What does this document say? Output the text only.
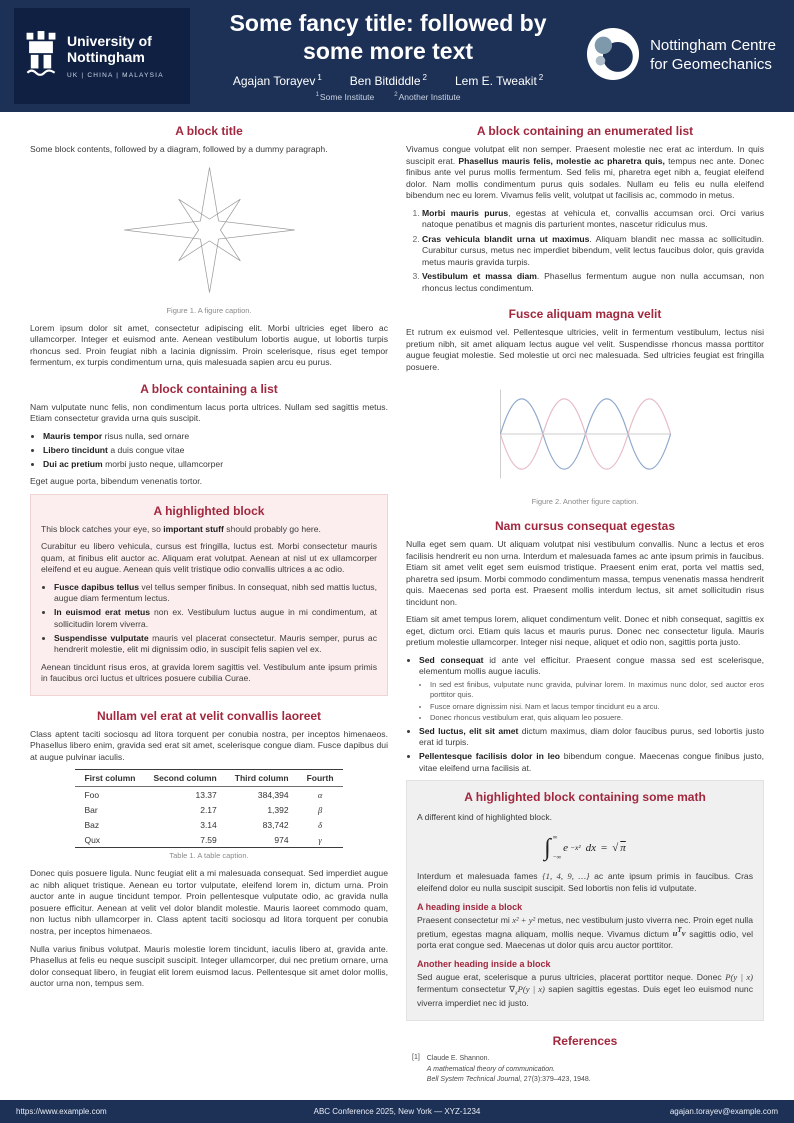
University of
Nottingham
UK | CHINA | MALAYSIA
Some fancy title: followed by
some more text
Agajan Torayev $^1$ Ben Bitdiddle $^2$ Lem E. Tweakit $^2$
$^1$Some Institute	$^2$Another Institute
Nottingham Centre
for Geomechanics
A block title

Some block contents, followed by a diagram, followed by a dummy paragraph.

Figure 1. A figure caption.

Lorem ipsum dolor sit amet, consectetur adipiscing elit. Morbi ultricies eget libero ac ullamcorper. Integer et euismod ante. Aenean vestibulum lobortis augue, ut lobortis turpis rhoncus sed. Proin feugiat nibh a lacinia dignissim. Proin scelerisque, risus eget tempor fermentum, ex turpis condimentum urna, quis malesuada sapien arcu eu purus.

A block containing a list

Nam vulputate nunc felis, non condimentum lacus porta ultrices. Nullam sed sagittis metus. Etiam consectetur gravida urna quis suscipit.

• Mauris tempor risus nulla, sed ornare
• Libero tincidunt a duis congue vitae
• Dui ac pretium morbi justo neque, ullamcorper

Eget augue porta, bibendum venenatis tortor.

A highlighted block

This block catches your eye, so important stuff should probably go here.

Curabitur eu libero vehicula, cursus est fringilla, luctus est. Morbi consectetur mauris quam, at finibus elit auctor ac. Aliquam erat volutpat. Aenean at nisl ut ex ullamcorper eleifend et eu augue. Aenean quis velit tristique odio convallis ultrices a ac odio.

• Fusce dapibus tellus vel tellus semper finibus. In consequat, nibh sed mattis luctus, augue diam fermentum lectus.
• In euismod erat metus non ex. Vestibulum luctus augue in mi condimentum, at sollicitudin lorem viverra.
• Suspendisse vulputate mauris vel placerat consectetur. Mauris semper, purus ac hendrerit molestie, elit mi dignissim odio, in suscipit felis sapien vel ex.

Aenean tincidunt risus eros, at gravida lorem sagittis vel. Vestibulum ante ipsum primis in faucibus orci luctus et ultrices posuere cubilia Curae.

Nullam vel erat at velit convallis laoreet

Class aptent taciti sociosqu ad litora torquent per conubia nostra, per inceptos himenaeos. Phasellus libero enim, gravida sed erat sit amet, scelerisque congue diam. Fusce dapibus dui at augue pulvinar iaculis.

First column	Second column	Third column	Fourth
Foo	13.37	384,394	α
Bar	2.17	1,392	β
Baz	3.14	83,742	δ
Qux	7.59	974	γ
Table 1. A table caption.

Donec quis posuere ligula. Nunc feugiat elit a mi malesuada consequat. Sed imperdiet augue ac nibh aliquet tristique. Aenean eu tortor vulputate, eleifend lorem in, dictum urna. Proin auctor ante in augue tincidunt tempor. Proin pellentesque vulputate odio, ac gravida nulla posuere efficitur. Aenean at velit vel dolor blandit molestie. Mauris laoreet commodo quam, non luctus nibh ullamcorper in. Class aptent taciti sociosqu ad litora torquent per conubia nostra, per inceptos himenaeos.

Nulla varius finibus volutpat. Mauris molestie lorem tincidunt, iaculis libero at, gravida ante. Phasellus at felis eu neque suscipit suscipit. Integer ullamcorper, dui nec pretium ornare, urna dolor consequat libero, in feugiat elit lorem euismod lacus. Pellentesque sit amet dolor mollis, auctor urna non, tempus sem.

A block containing an enumerated list

Vivamus congue volutpat elit non semper. Praesent molestie nec erat ac interdum. In quis suscipit erat. Phasellus mauris felis, molestie ac pharetra quis, tempus nec ante. Donec finibus ante vel purus mollis fermentum. Sed felis mi, pharetra eget nibh a, feugiat eleifend dolor. Nam mollis condimentum purus quis sodales. Nullam eu felis eu nulla eleifend bibendum nec eu lorem. Vivamus felis velit, volutpat ut facilisis ac, commodo in metus.

1. Morbi mauris purus, egestas at vehicula et, convallis accumsan orci. Orci varius natoque penatibus et magnis dis parturient montes, nascetur ridiculus mus.
2. Cras vehicula blandit urna ut maximus. Aliquam blandit nec massa ac sollicitudin. Curabitur cursus, metus nec imperdiet bibendum, velit lectus faucibus dolor, quis gravida metus mauris gravida turpis.
3. Vestibulum et massa diam. Phasellus fermentum augue non nulla accumsan, non rhoncus lectus condimentum.
Fusce aliquam magna velit

Et rutrum ex euismod vel. Pellentesque ultricies, velit in fermentum vestibulum, lectus nisi pretium nibh, sit amet aliquam lectus augue vel velit. Suspendisse rhoncus massa porttitor augue feugiat molestie. Sed molestie ut orci nec malesuada. Sed ultricies feugiat est fringilla posuere.

Figure 2. Another figure caption.
Nam cursus consequat egestas

Nulla eget sem quam. Ut aliquam volutpat nisi vestibulum convallis. Nunc a lectus et eros facilisis hendrerit eu non urna. Interdum et malesuada fames ac ante ipsum primis in faucibus. Etiam sit amet velit eget sem euismod tristique. Praesent enim erat, porta vel mattis sed, pharetra sed ipsum. Morbi commodo condimentum massa, tempus venenatis massa hendrerit quis. Maecenas sed porta est. Praesent mollis interdum lectus, sit amet sollicitudin risus tincidunt non.

Etiam sit amet tempus lorem, aliquet condimentum velit. Donec et nibh consequat, sagittis ex eget, dictum orci. Etiam quis lacus et mauris purus. Donec nec consectetur ligula. Mauris pretium molestie ullamcorper. Integer nisi neque, aliquet et odio non, sagittis porta justo.

• Sed consequat id ante vel efficitur. Praesent congue massa sed est scelerisque, elementum mollis augue iaculis.
• In sed est finibus, vulputate nunc gravida, pulvinar lorem. In maximus nunc dolor, sed auctor eros porttitor quis.
• Fusce ornare dignissim nisi. Nam et lacus tempor tincidunt eu a arcu.
• Donec rhoncus vestibulum erat, quis aliquam leo posuere.
• Sed luctus, elit sit amet dictum maximus, diam dolor faucibus purus, sed lobortis justo erat id turpis.
• Pellentesque facilisis dolor in leo bibendum congue. Maecenas congue finibus justo, vitae eleifend urna facilisis at.
A highlighted block containing some math

A different kind of highlighted block.

∫ ∞
−∞
e −x² dx = √ π

Interdum et malesuada fames {1, 4, 9, …} ac ante ipsum primis in faucibus. Cras eleifend dolor eu nulla suscipit suscipit. Sed lobortis non felis id vulputate.

A heading inside a block

Praesent consectetur mi x² + y² metus, nec vestibulum justo viverra nec. Proin eget nulla pretium, egestas magna aliquam, mollis neque. Vivamus dictum $u^Tv$ sagittis odio, vel porta erat congue sed. Maecenas ut dolor quis arcu auctor porttitor.

Another heading inside a block

Sed augue erat, scelerisque a purus ultricies, placerat porttitor neque. Donec P(y | x) fermentum consectetur $\nabla_xP(y$ | x) sapien sagittis egestas. Duis eget leo euismod nunc viverra imperdiet nec id justo.

References
[1] Claude E. Shannon.
A mathematical theory of communication.
Bell System Technical Journal, 27(3):379–423, 1948.
https://www.example.com	ABC Conference 2025, New York — XYZ-1234	agajan.torayev@example.com
